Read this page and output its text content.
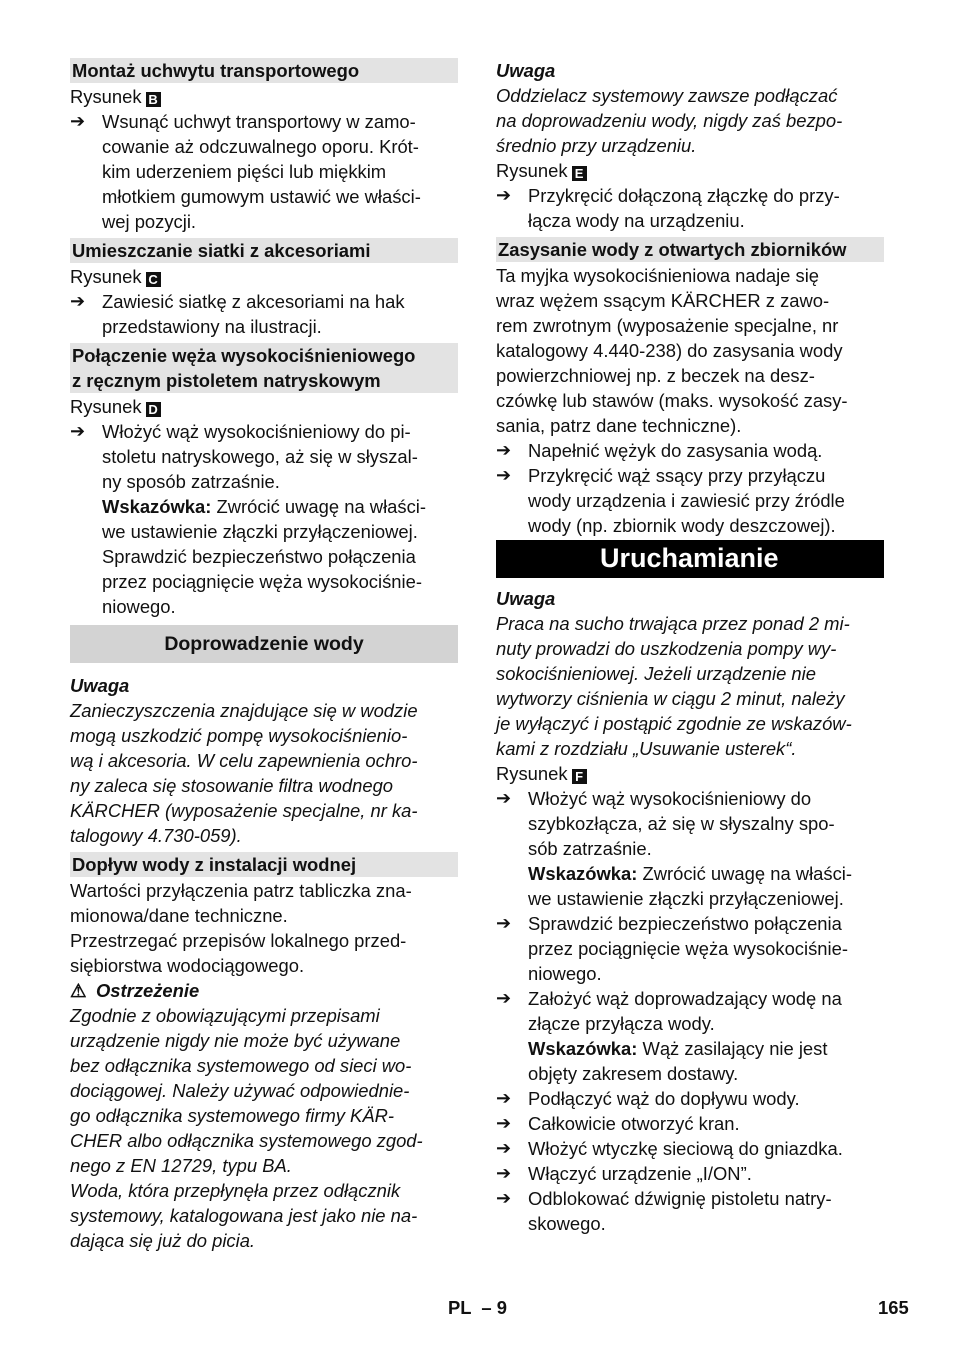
Montaż uchwytu transportowego
Rysunek B
➔ Wsunąć uchwyt transportowy w zamo-
cowanie aż odczuwalnego oporu. Krót-
kim uderzeniem pięści lub miękkim
młotkiem gumowym ustawić we właści-
wej pozycji.
Umieszczanie siatki z akcesoriami
Rysunek C
➔ Zawiesić siatkę z akcesoriami na hak
przedstawiony na ilustracji.
Połączenie węża wysokociśnieniowego
z ręcznym pistoletem natryskowym
Rysunek D
➔ Włożyć wąż wysokociśnieniowy do pi-
stoletu natryskowego, aż się w słyszal-
ny sposób zatrzaśnie.
Wskazówka: Zwrócić uwagę na właści-
we ustawienie złączki przyłączeniowej.
Sprawdzić bezpieczeństwo połączenia
przez pociągnięcie węża wysokociśnie-
niowego.
Doprowadzenie wody
Uwaga
Zanieczyszczenia znajdujące się w wodzie
mogą uszkodzić pompę wysokociśnienio-
wą i akcesoria. W celu zapewnienia ochro-
ny zaleca się stosowanie filtra wodnego
KÄRCHER (wyposażenie specjalne, nr ka-
talogowy 4.730-059).
Dopływ wody z instalacji wodnej
Wartości przyłączenia patrz tabliczka zna-
mionowa/dane techniczne.
Przestrzegać przepisów lokalnego przed-
siębiorstwa wodociągowego.
⚠ Ostrzeżenie
Zgodnie z obowiązującymi przepisami
urządzenie nigdy nie może być używane
bez odłącznika systemowego od sieci wo-
dociągowej. Należy używać odpowiednie-
go odłącznika systemowego firmy KÄR-
CHER albo odłącznika systemowego zgod-
nego z EN 12729, typu BA.
Woda, która przepłynęła przez odłącznik
systemowy, katalogowana jest jako nie na-
dająca się już do picia.
Uwaga
Oddzielacz systemowy zawsze podłączać
na doprowadzeniu wody, nigdy zaś bezpo-
średnio przy urządzeniu.
Rysunek E
➔ Przykręcić dołączoną złączkę do przy-
łącza wody na urządzeniu.
Zasysanie wody z otwartych zbiorników
Ta myjka wysokociśnieniowa nadaje się
wraz wężem ssącym KÄRCHER z zawo-
rem zwrotnym (wyposażenie specjalne, nr
katalogowy 4.440-238) do zasysania wody
powierzchniowej np. z beczek na desz-
czówkę lub stawów (maks. wysokość zasy-
sania, patrz dane techniczne).
➔ Napełnić wężyk do zasysania wodą.
➔ Przykręcić wąż ssący przy przyłączu
wody urządzenia i zawiesić przy źródle
wody (np. zbiornik wody deszczowej).
Uruchamianie
Uwaga
Praca na sucho trwająca przez ponad 2 mi-
nuty prowadzi do uszkodzenia pompy wy-
sokociśnieniowej. Jeżeli urządzenie nie
wytworzy ciśnienia w ciągu 2 minut, należy
je wyłączyć i postąpić zgodnie ze wskazów-
kami z rozdziału „Usuwanie usterek“.
Rysunek F
➔ Włożyć wąż wysokociśnieniowy do
szybkozłącza, aż się w słyszalny spo-
sób zatrzaśnie.
Wskazówka: Zwrócić uwagę na właści-
we ustawienie złączki przyłączeniowej.
➔ Sprawdzić bezpieczeństwo połączenia
przez pociągnięcie węża wysokociśnie-
niowego.
➔ Założyć wąż doprowadzający wodę na
złącze przyłącza wody.
Wskazówka: Wąż zasilający nie jest
objęty zakresem dostawy.
➔ Podłączyć wąż do dopływu wody.
➔ Całkowicie otworzyć kran.
➔ Włożyć wtyczkę sieciową do gniazdka.
➔ Włączyć urządzenie „I/ON”.
➔ Odblokować dźwignię pistoletu natry-
skowego.
PL  – 9	165
